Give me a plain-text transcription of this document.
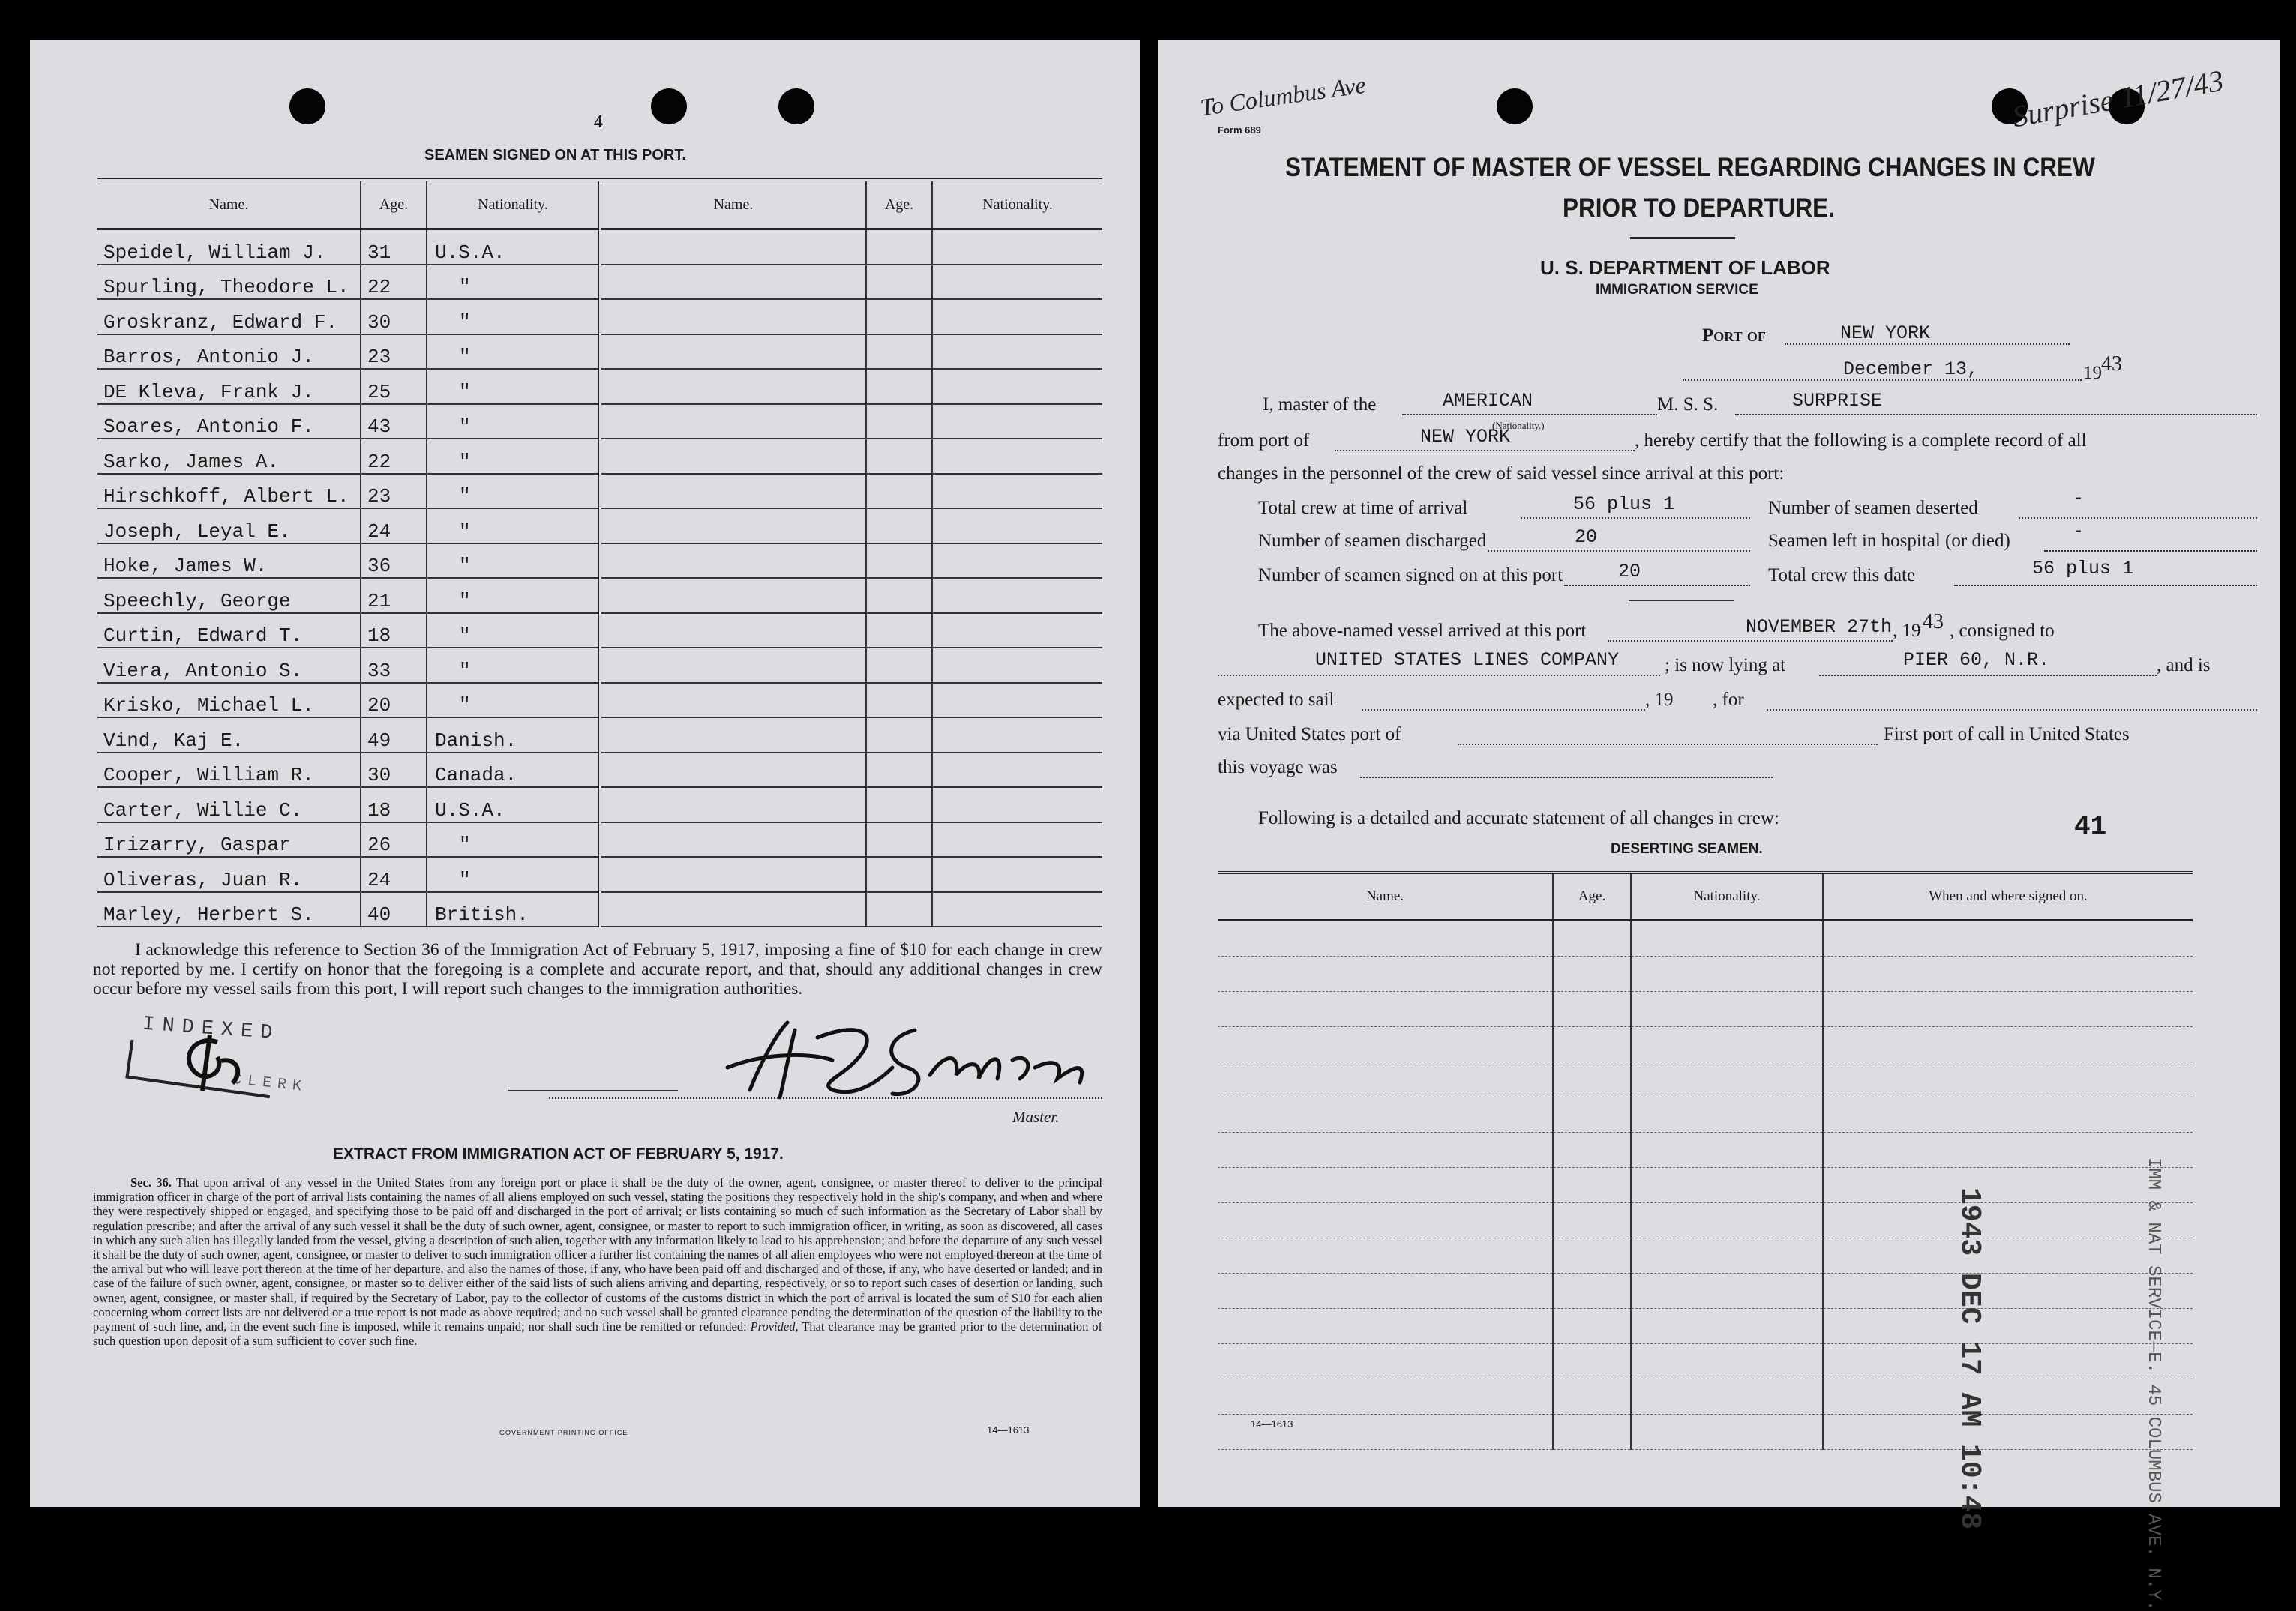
4
SEAMEN SIGNED ON AT THIS PORT.
Name.	Age.	Nationality.	Name.	Age.	Nationality.
Speidel, William J.	31	U.S.A.			
Spurling, Theodore L.	22	"			
Groskranz, Edward F.	30	"			
Barros, Antonio J.	23	"			
DE Kleva, Frank J.	25	"			
Soares, Antonio F.	43	"			
Sarko, James A.	22	"			
Hirschkoff, Albert L.	23	"			
Joseph, Leyal E.	24	"			
Hoke, James W.	36	"			
Speechly, George	21	"			
Curtin, Edward T.	18	"			
Viera, Antonio S.	33	"			
Krisko, Michael L.	20	"			
Vind, Kaj E.	49	Danish.			
Cooper, William R.	30	Canada.			
Carter, Willie C.	18	U.S.A.			
Irizarry, Gaspar	26	"			
Oliveras, Juan R.	24	"			
Marley, Herbert S.	40	British.			
I acknowledge this reference to Section 36 of the Immigration Act of February 5, 1917, imposing a fine of $10 for each change in crew not reported by me. I certify on honor that the foregoing is a complete and accurate report, and that, should any additional changes in crew occur before my vessel sails from this port, I will report such changes to the immigration authorities.
INDEXED
CLERK
Master.
EXTRACT FROM IMMIGRATION ACT OF FEBRUARY 5, 1917.
Sec. 36. That upon arrival of any vessel in the United States from any foreign port or place it shall be the duty of the owner, agent, consignee, or master thereof to deliver to the principal immigration officer in charge of the port of arrival lists containing the names of all aliens employed on such vessel, stating the positions they respectively hold in the ship's company, and when and where they were respectively shipped or engaged, and specifying those to be paid off and discharged in the port of arrival; or lists containing so much of such information as the Secretary of Labor shall by regulation prescribe; and after the arrival of any such vessel it shall be the duty of such owner, agent, consignee, or master to report to such immigration officer, in writing, as soon as discovered, all cases in which any such alien has illegally landed from the vessel, giving a description of such alien, together with any information likely to lead to his apprehension; and before the departure of any such vessel it shall be the duty of such owner, agent, consignee, or master to deliver to such immigration officer a further list containing the names of all alien employees who were not employed thereon at the time of the arrival but who will leave port thereon at the time of her departure, and also the names of those, if any, who have been paid off and discharged and of those, if any, who have deserted or landed; and in case of the failure of such owner, agent, consignee, or master so to deliver either of the said lists of such aliens arriving and departing, respectively, or so to report such cases of desertion or landing, such owner, agent, consignee, or master shall, if required by the Secretary of Labor, pay to the collector of customs of the customs district in which the port of arrival is located the sum of $10 for each alien concerning whom correct lists are not delivered or a true report is not made as above required; and no such vessel shall be granted clearance pending the determination of the question of the liability to the payment of such fine, and, in the event such fine is imposed, while it remains unpaid; nor shall such fine be remitted or refunded: Provided, That clearance may be granted prior to the determination of such question upon deposit of a sum sufficient to cover such fine.
GOVERNMENT PRINTING OFFICE	14—1613
To Columbus Ave	Surprise 11/27/43
Form 689
STATEMENT OF MASTER OF VESSEL REGARDING CHANGES IN CREW
PRIOR TO DEPARTURE.
U. S. DEPARTMENT OF LABOR
IMMIGRATION SERVICE
Port of	NEW YORK
December 13,	19 43
I, master of the	AMERICAN	M. S. S.	SURPRISE
from port of	NEW YORK
(Nationality.)
, hereby certify that the following is a complete record of all
changes in the personnel of the crew of said vessel since arrival at this port:
Total crew at time of arrival	56 plus 1	Number of seamen deserted	-
Number of seamen discharged	20	Seamen left in hospital (or died)	-
Number of seamen signed on at this port	20	Total crew this date	56 plus 1
The above-named vessel arrived at this port	NOVEMBER 27th , 19 43 , consigned to
UNITED STATES LINES COMPANY ; is now lying at	PIER 60, N.R.	, and is
expected to sail	, 19 , for
via United States port of	First port of call in United States
this voyage was
Following is a detailed and accurate statement of all changes in crew:
DESERTING SEAMEN.
41
Name.	Age.	Nationality.	When and where signed on.

1943 DEC 17 AM 10:48	IMM & NAT SERVICE—E. 45 COLUMBUS AVE. N.Y.
14—1613
